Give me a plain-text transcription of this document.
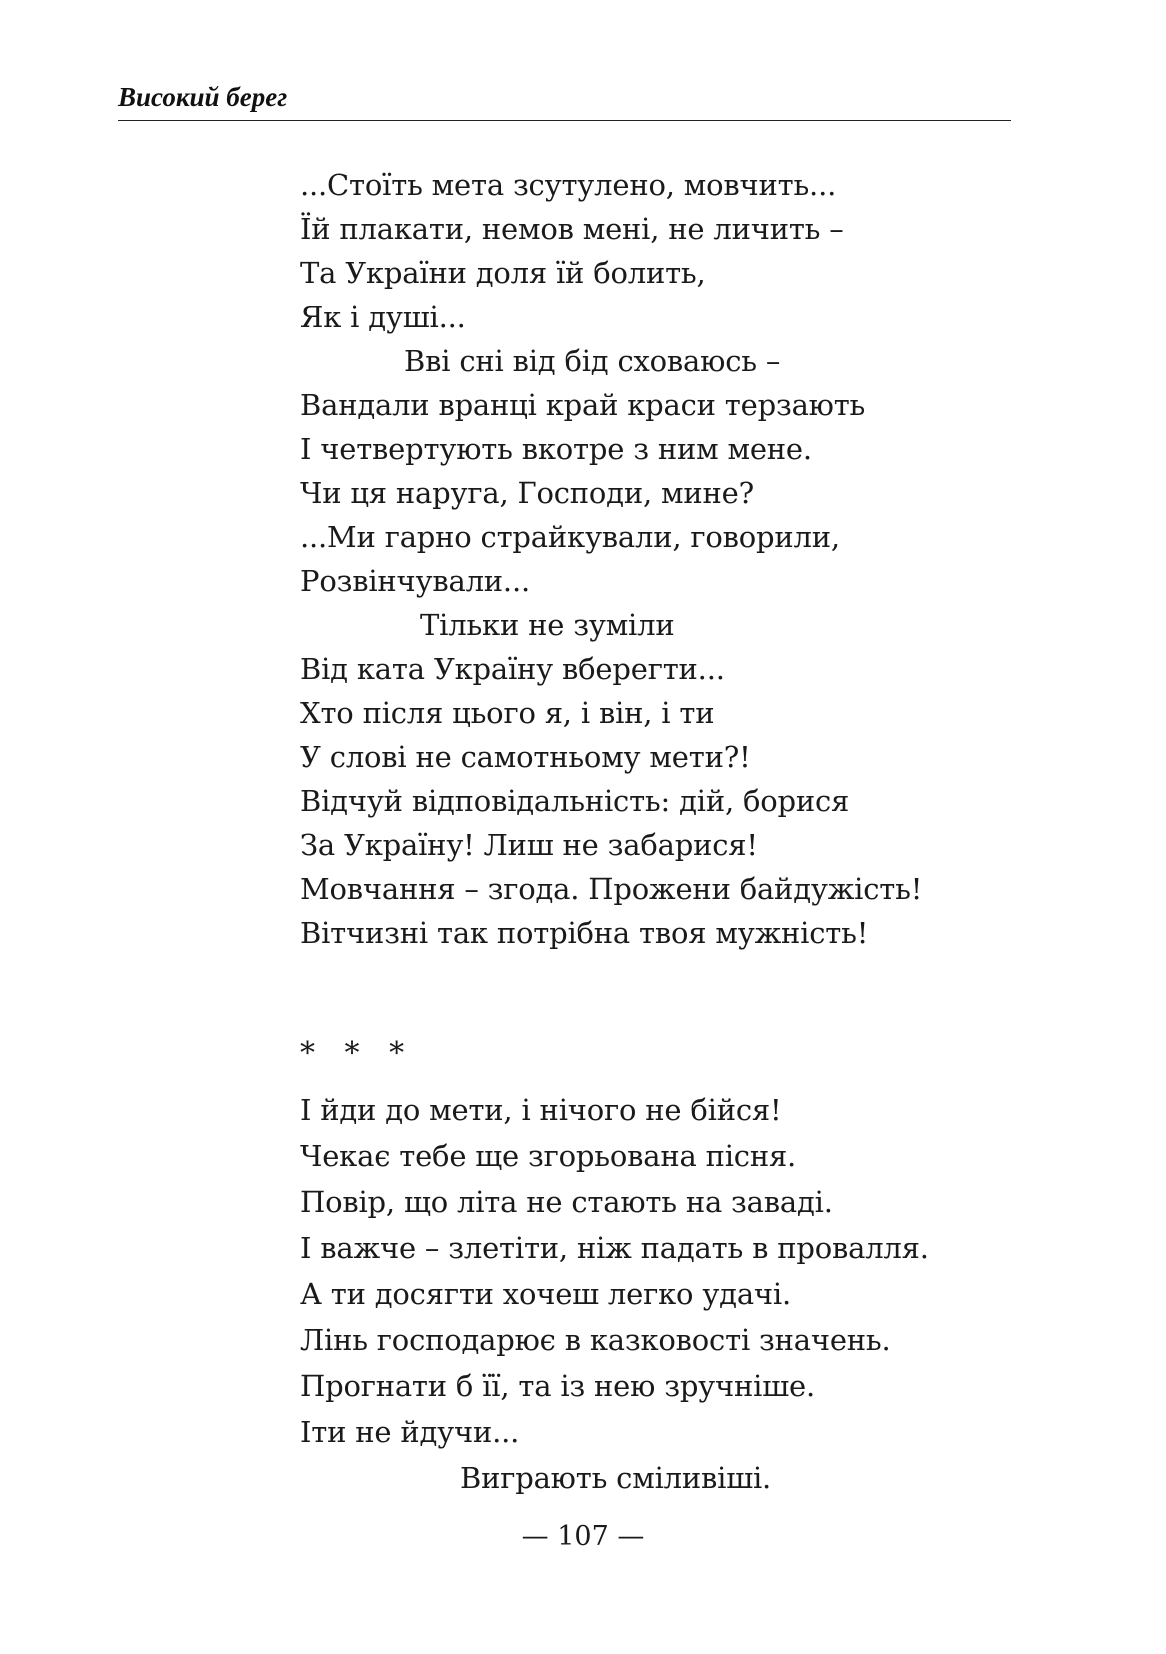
Високий берег
...Стоїть мета зсутулено, мовчить...
Їй плакати, немов мені, не личить –
Та України доля їй болить,
Як і душі...
Вві сні від бід сховаюсь –
Вандали вранці край краси терзають
І четвертують вкотре з ним мене.
Чи ця наруга, Господи, мине?
...Ми гарно страйкували, говорили,
Розвінчували...
Тільки не зуміли
Від ката Україну вберегти...
Хто після цього я, і він, і ти
У слові не самотньому мети?!
Відчуй відповідальність: дій, борися
За Україну! Лиш не забарися!
Мовчання – згода. Прожени байдужість!
Вітчизні так потрібна твоя мужність!
* * *
І йди до мети, і нічого не бійся!
Чекає тебе ще згорьована пісня.
Повір, що літа не стають на заваді.
І важче – злетіти, ніж падать в провалля.
А ти досягти хочеш легко удачі.
Лінь господарює в казковості значень.
Прогнати б її, та із нею зручніше.
Іти не йдучи...
Виграють сміливіші.
— 107 —
